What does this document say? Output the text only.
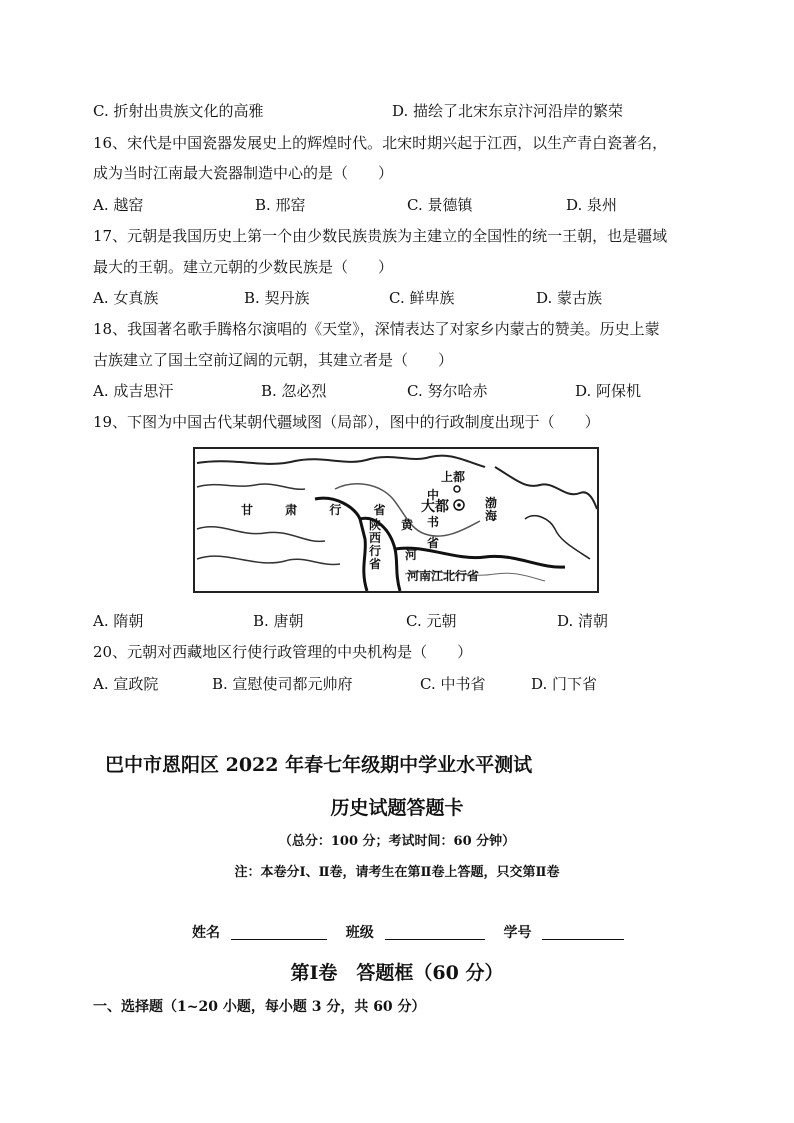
C. 折射出贵族文化的高雅	D. 描绘了北宋东京汴河沿岸的繁荣
16、宋代是中国瓷器发展史上的辉煌时代。北宋时期兴起于江西，以生产青白瓷著名，
成为当时江南最大瓷器制造中心的是（　　）
A. 越窑	B. 邢窑	C. 景德镇	D. 泉州
17、元朝是我国历史上第一个由少数民族贵族为主建立的全国性的统一王朝，也是疆域
最大的王朝。建立元朝的少数民族是（　　）
A. 女真族	B. 契丹族	C. 鲜卑族	D. 蒙古族
18、我国著名歌手腾格尔演唱的《天堂》，深情表达了对家乡内蒙古的赞美。历史上蒙
古族建立了国土空前辽阔的元朝，其建立者是（　　）
A. 成吉思汗	B. 忽必烈	C. 努尔哈赤	D. 阿保机
19、下图为中国古代某朝代疆域图（局部），图中的行政制度出现于（　　）
甘 肃 行 省
陕西行省
上都
中
大都
书
省
黄
河
渤海
河南江北行省
A. 隋朝	B. 唐朝	C. 元朝	D. 清朝
20、元朝对西藏地区行使行政管理的中央机构是（　　）
A. 宣政院	B. 宣慰使司都元帅府	C. 中书省	D. 门下省
巴中市恩阳区 2022 年春七年级期中学业水平测试
历史试题答题卡
（总分：100 分；考试时间：60 分钟）
注：本卷分Ⅰ、Ⅱ卷，请考生在第Ⅱ卷上答题，只交第Ⅱ卷
姓名	班级	学号
第Ⅰ卷　答题框（60 分）
一、选择题（1~20 小题，每小题 3 分，共 60 分）
